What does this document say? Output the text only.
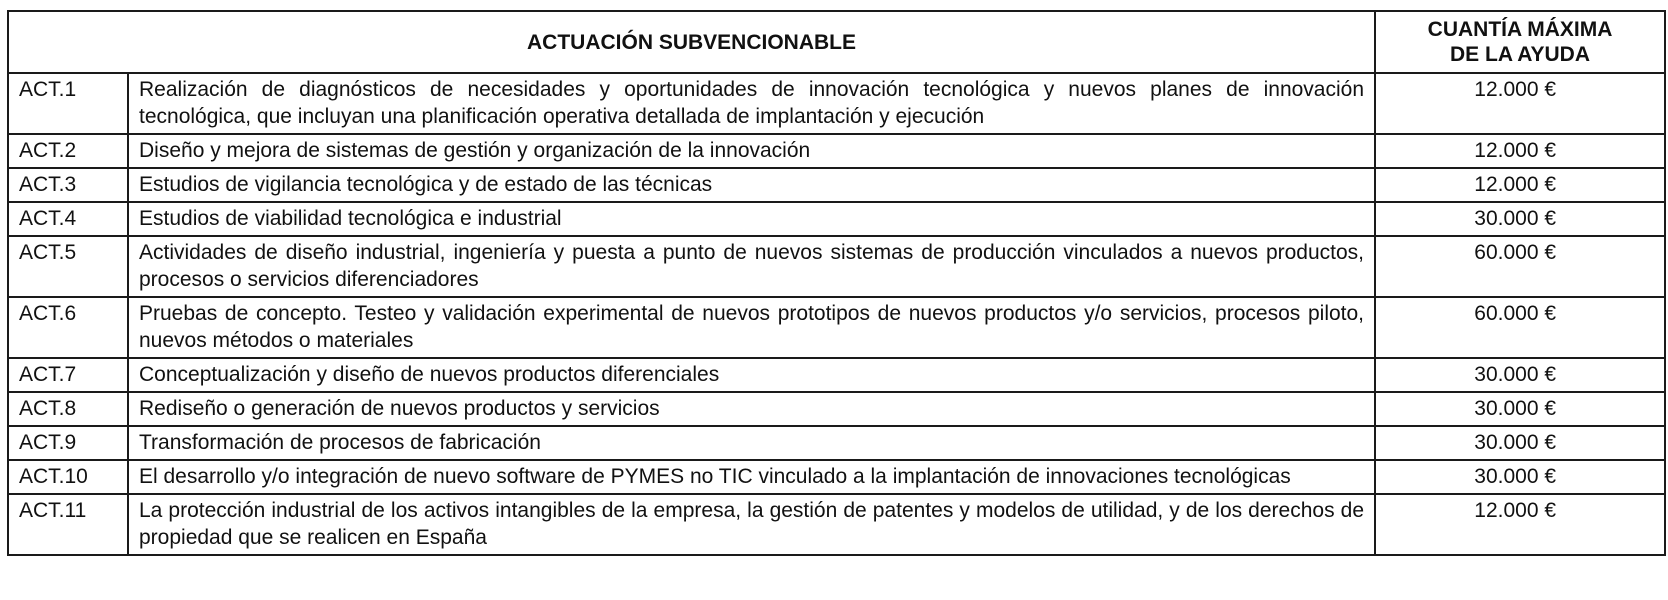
ACTUACIÓN SUBVENCIONABLE		CUANTÍA MÁXIMA
DE LA AYUDA
ACT.1	Realización de diagnósticos de necesidades y oportunidades de innovación tecnológica y nuevos planes de innovación tecnológica, que incluyan una planificación operativa detallada de implantación y ejecución	12.000 €
ACT.2	Diseño y mejora de sistemas de gestión y organización de la innovación	12.000 €
ACT.3	Estudios de vigilancia tecnológica y de estado de las técnicas	12.000 €
ACT.4	Estudios de viabilidad tecnológica e industrial	30.000 €
ACT.5	Actividades de diseño industrial, ingeniería y puesta a punto de nuevos sistemas de producción vinculados a nuevos productos, procesos o servicios diferenciadores	60.000 €
ACT.6	Pruebas de concepto. Testeo y validación experimental de nuevos prototipos de nuevos productos y/o servicios, procesos piloto, nuevos métodos o materiales	60.000 €
ACT.7	Conceptualización y diseño de nuevos productos diferenciales	30.000 €
ACT.8	Rediseño o generación de nuevos productos y servicios	30.000 €
ACT.9	Transformación de procesos de fabricación	30.000 €
ACT.10	El desarrollo y/o integración de nuevo software de PYMES no TIC vinculado a la implantación de innovaciones tecnológicas	30.000 €
ACT.11	La protección industrial de los activos intangibles de la empresa, la gestión de patentes y modelos de utilidad, y de los derechos de propiedad que se realicen en España	12.000 €
